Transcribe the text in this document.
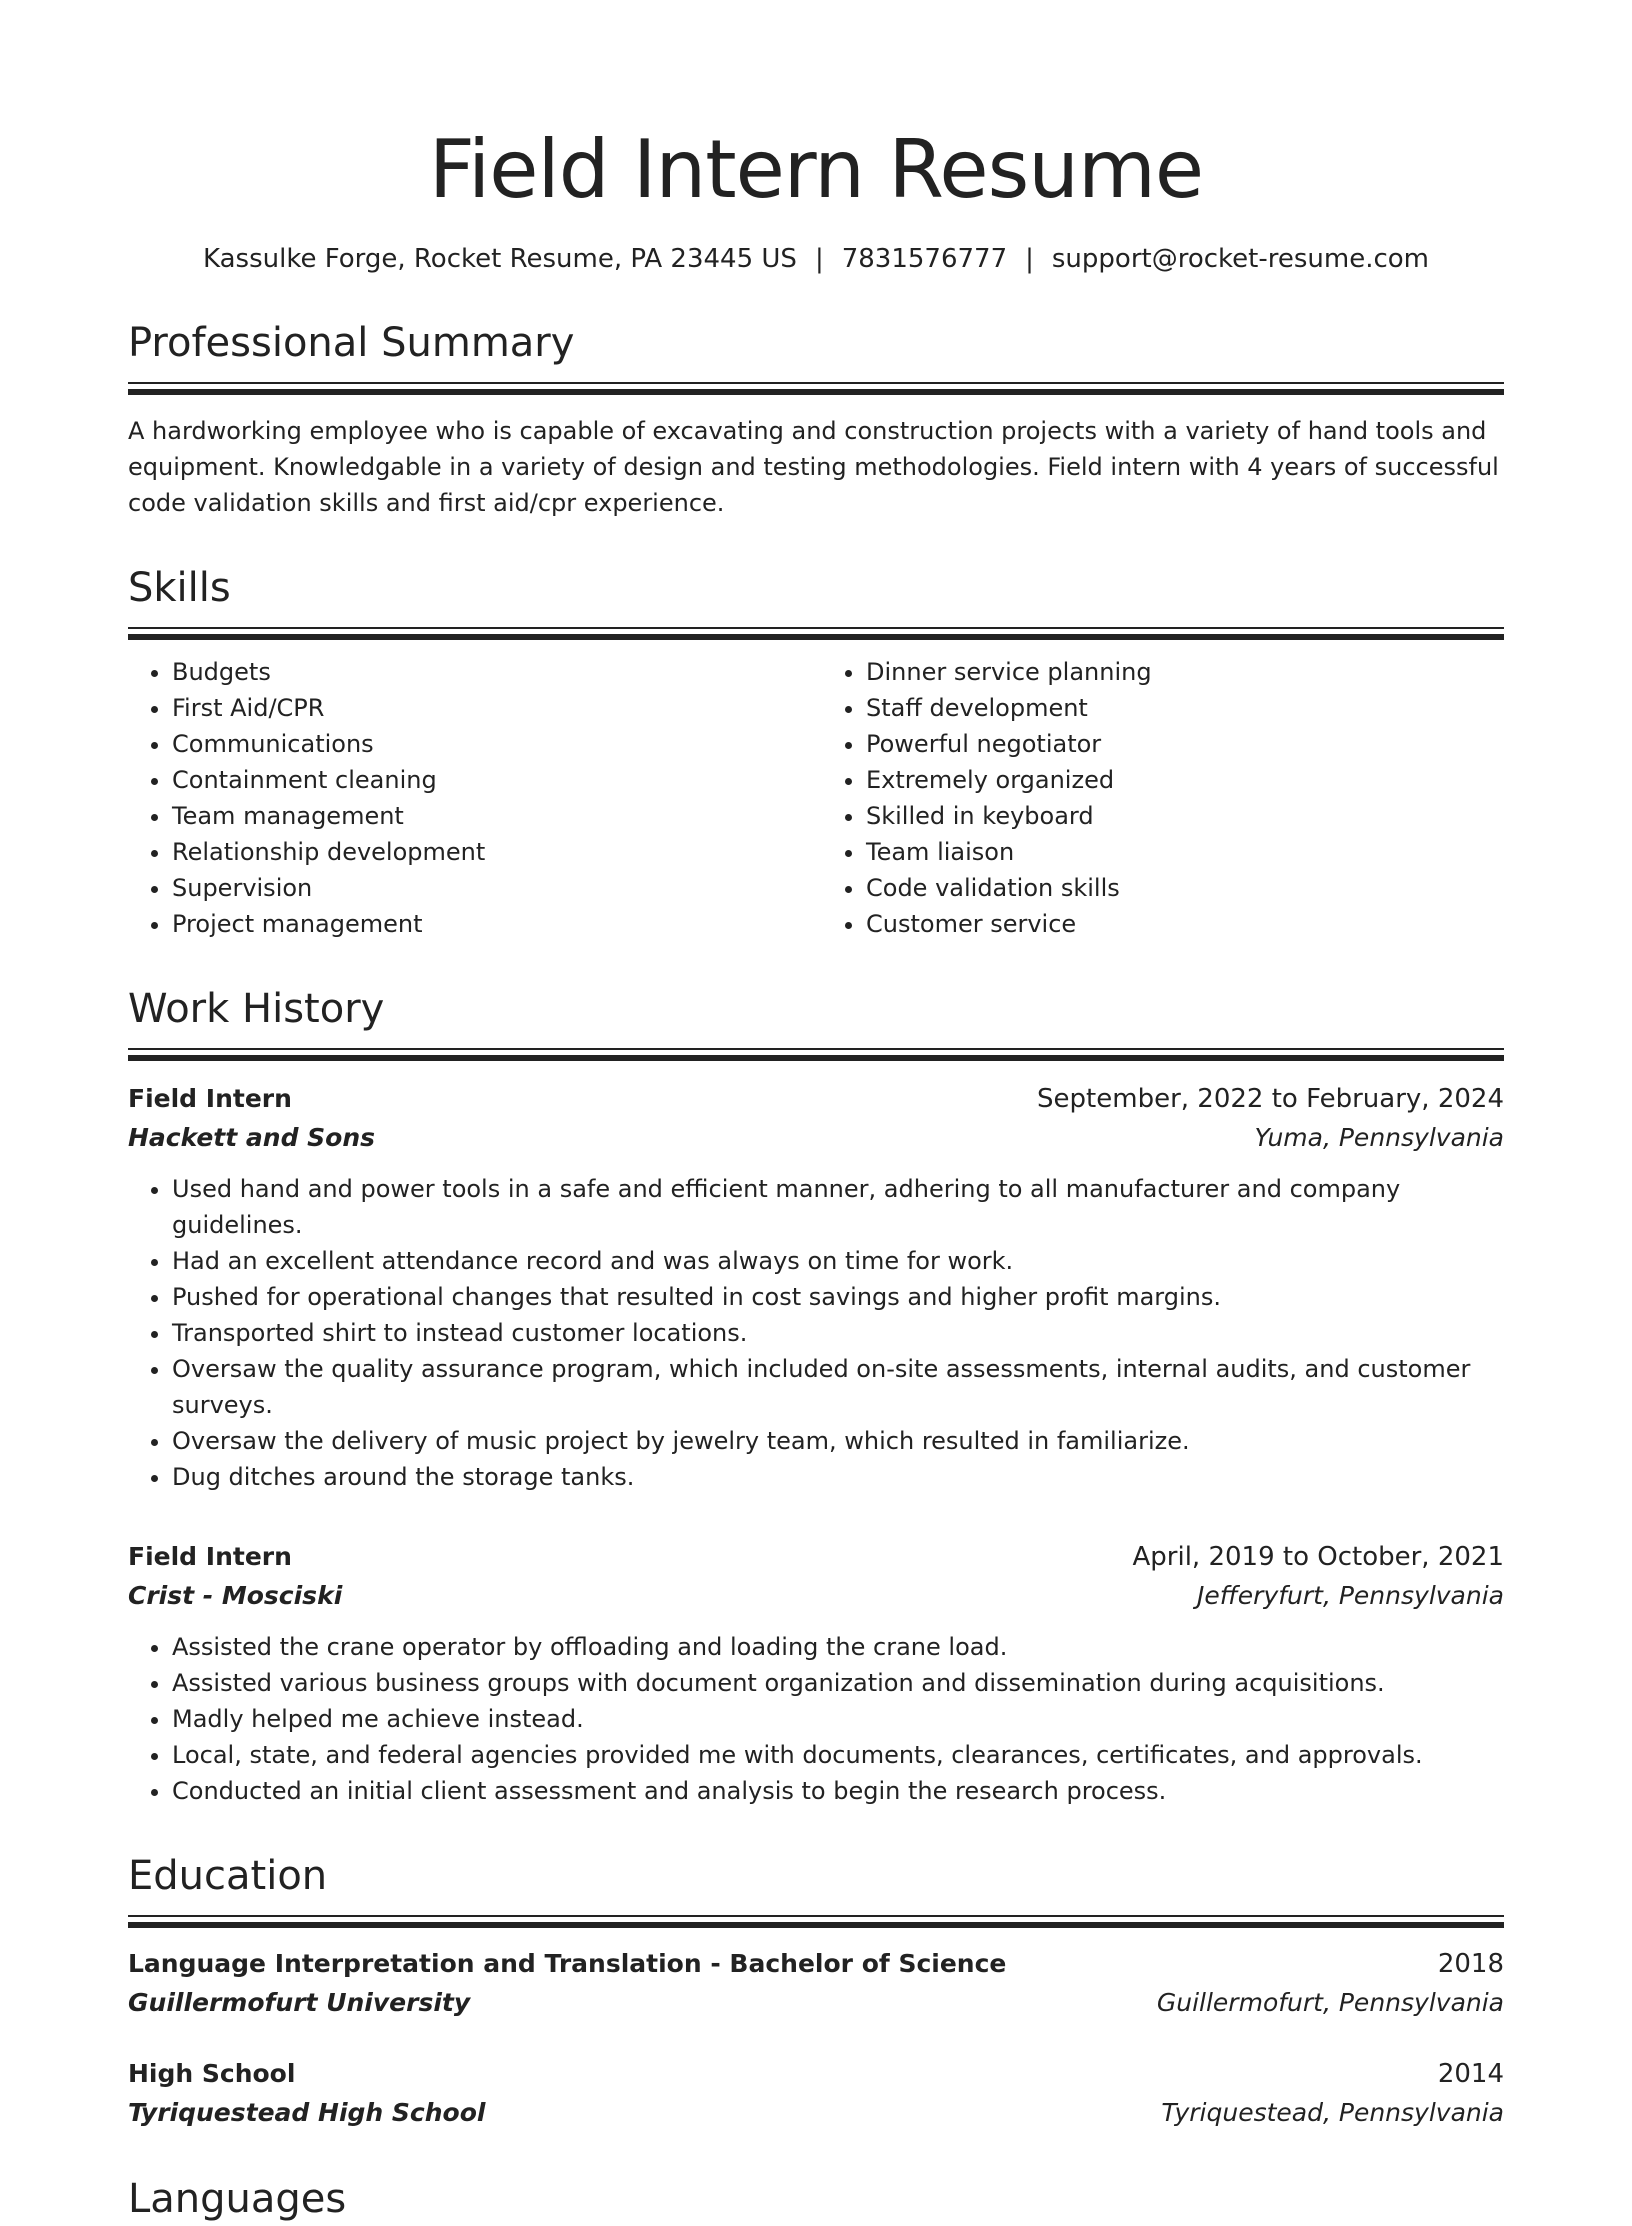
Field Intern Resume
Kassulke Forge, Rocket Resume, PA 23445 US | 7831576777 | support@rocket-resume.com
Professional Summary

A hardworking employee who is capable of excavating and construction projects with a variety of hand tools and equipment. Knowledgable in a variety of design and testing methodologies. Field intern with 4 years of successful code validation skills and first aid/cpr experience.

Skills
• Budgets
• First Aid/CPR
• Communications
• Containment cleaning
• Team management
• Relationship development
• Supervision
• Project management
• Dinner service planning
• Staff development
• Powerful negotiator
• Extremely organized
• Skilled in keyboard
• Team liaison
• Code validation skills
• Customer service
Work History
Field Intern	September, 2022 to February, 2024
Hackett and Sons	Yuma, Pennsylvania
• Used hand and power tools in a safe and efficient manner, adhering to all manufacturer and company guidelines.
• Had an excellent attendance record and was always on time for work.
• Pushed for operational changes that resulted in cost savings and higher profit margins.
• Transported shirt to instead customer locations.
• Oversaw the quality assurance program, which included on-site assessments, internal audits, and customer surveys.
• Oversaw the delivery of music project by jewelry team, which resulted in familiarize.
• Dug ditches around the storage tanks.
Field Intern	April, 2019 to October, 2021
Crist - Mosciski	Jefferyfurt, Pennsylvania
• Assisted the crane operator by offloading and loading the crane load.
• Assisted various business groups with document organization and dissemination during acquisitions.
• Madly helped me achieve instead.
• Local, state, and federal agencies provided me with documents, clearances, certificates, and approvals.
• Conducted an initial client assessment and analysis to begin the research process.
Education
Language Interpretation and Translation - Bachelor of Science	2018
Guillermofurt University	Guillermofurt, Pennsylvania
High School	2014
Tyriquestead High School	Tyriquestead, Pennsylvania
Languages
